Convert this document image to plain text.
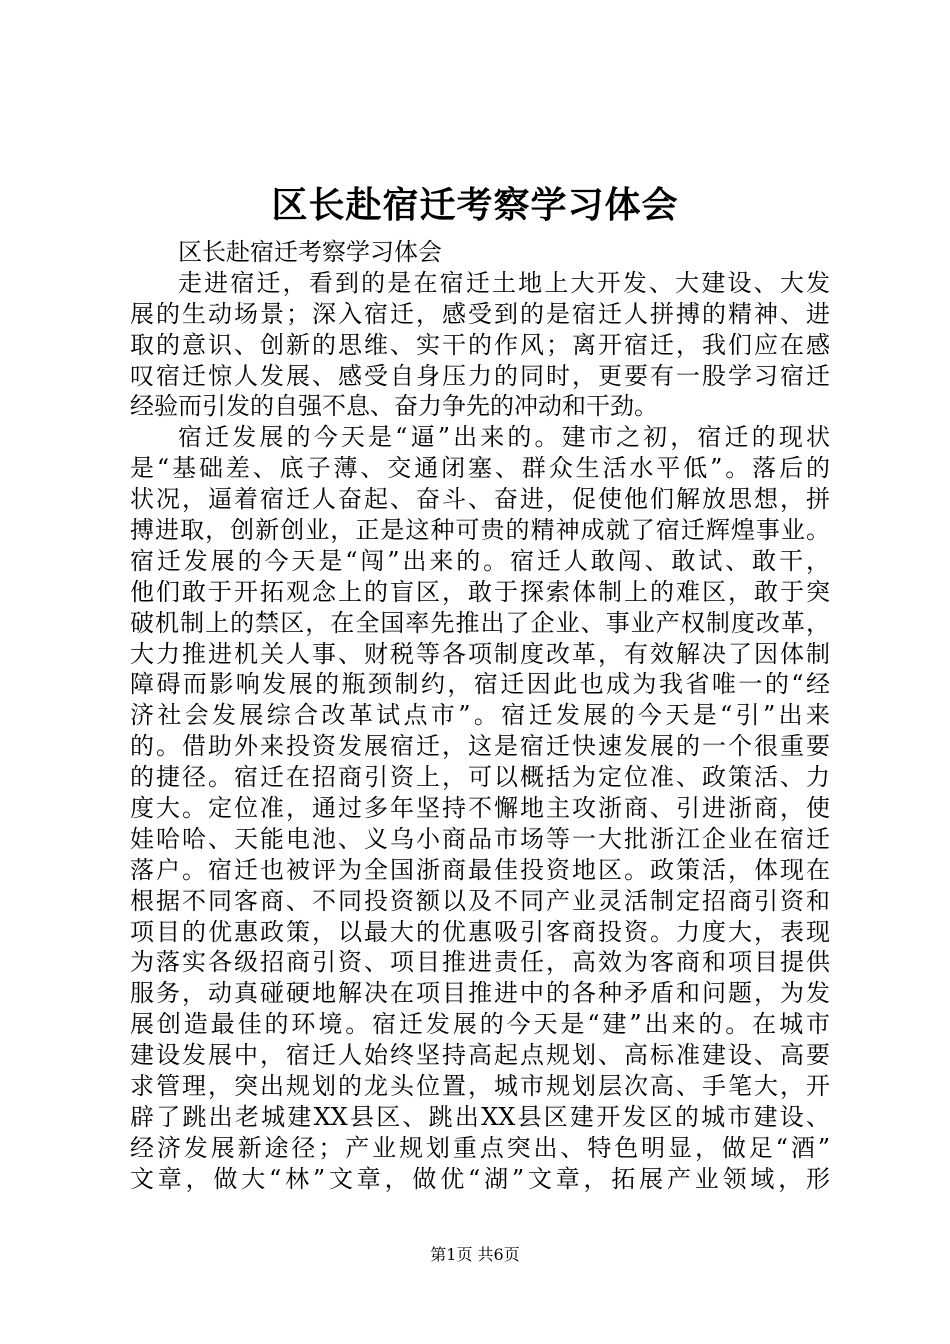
区长赴宿迁考察学习体会
区长赴宿迁考察学习体会
走进宿迁，看到的是在宿迁土地上大开发、大建设、大发
展的生动场景；深入宿迁，感受到的是宿迁人拼搏的精神、进
取的意识、创新的思维、实干的作风；离开宿迁，我们应在感
叹宿迁惊人发展、感受自身压力的同时，更要有一股学习宿迁
经验而引发的自强不息、奋力争先的冲动和干劲。
宿迁发展的今天是“逼”出来的。建市之初，宿迁的现状
是“基础差、底子薄、交通闭塞、群众生活水平低”。落后的
状况，逼着宿迁人奋起、奋斗、奋进，促使他们解放思想，拼
搏进取，创新创业，正是这种可贵的精神成就了宿迁辉煌事业。
宿迁发展的今天是“闯”出来的。宿迁人敢闯、敢试、敢干，
他们敢于开拓观念上的盲区，敢于探索体制上的难区，敢于突
破机制上的禁区，在全国率先推出了企业、事业产权制度改革，
大力推进机关人事、财税等各项制度改革，有效解决了因体制
障碍而影响发展的瓶颈制约，宿迁因此也成为我省唯一的“经
济社会发展综合改革试点市”。宿迁发展的今天是“引”出来
的。借助外来投资发展宿迁，这是宿迁快速发展的一个很重要
的捷径。宿迁在招商引资上，可以概括为定位准、政策活、力
度大。定位准，通过多年坚持不懈地主攻浙商、引进浙商，使
娃哈哈、天能电池、义乌小商品市场等一大批浙江企业在宿迁
落户。宿迁也被评为全国浙商最佳投资地区。政策活，体现在
根据不同客商、不同投资额以及不同产业灵活制定招商引资和
项目的优惠政策，以最大的优惠吸引客商投资。力度大，表现
为落实各级招商引资、项目推进责任，高效为客商和项目提供
服务，动真碰硬地解决在项目推进中的各种矛盾和问题，为发
展创造最佳的环境。宿迁发展的今天是“建”出来的。在城市
建设发展中，宿迁人始终坚持高起点规划、高标准建设、高要
求管理，突出规划的龙头位置，城市规划层次高、手笔大，开
辟了跳出老城建XX县区、跳出XX县区建开发区的城市建设、
经济发展新途径；产业规划重点突出、特色明显，做足“酒”
文章，做大“林”文章，做优“湖”文章，拓展产业领域，形
第1页 共6页
